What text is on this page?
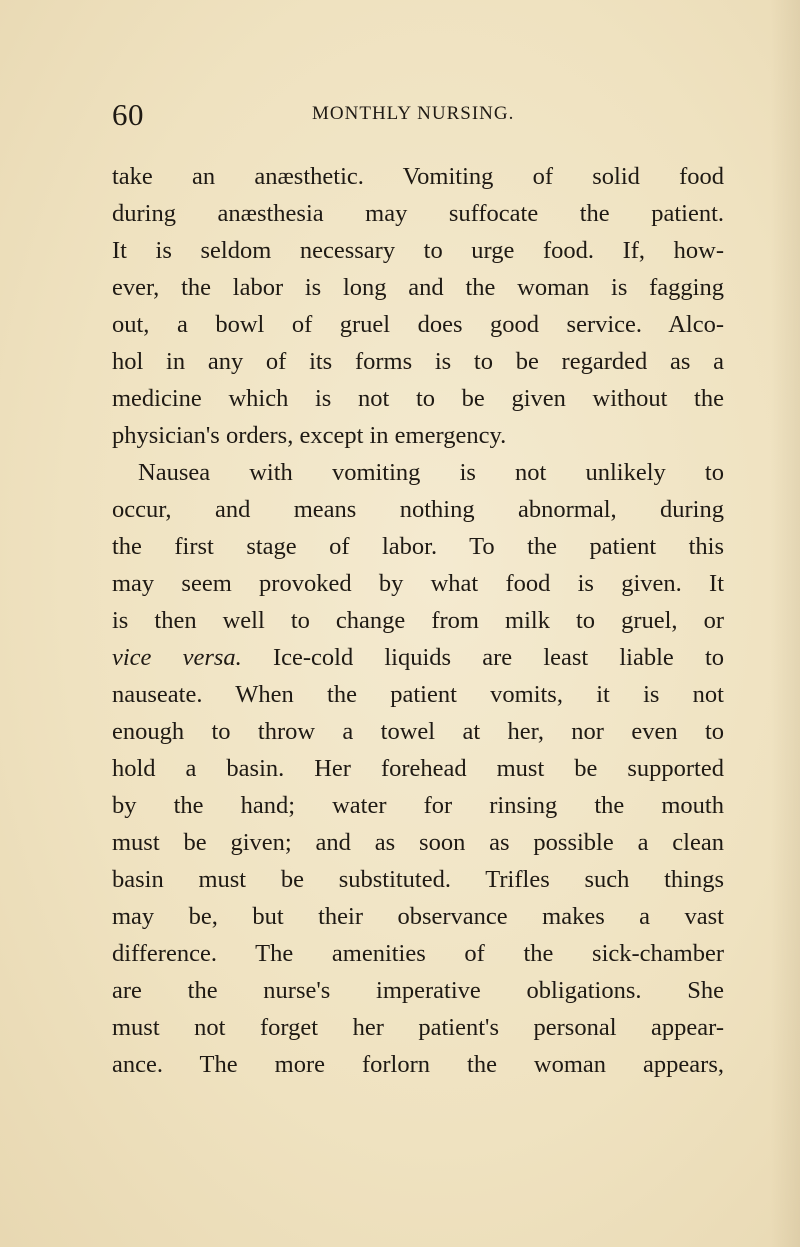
60	MONTHLY NURSING.
take an anæsthetic. Vomiting of solid food
during anæsthesia may suffocate the patient.
It is seldom necessary to urge food. If, how-
ever, the labor is long and the woman is fagging
out, a bowl of gruel does good service. Alco-
hol in any of its forms is to be regarded as a
medicine which is not to be given without the
physician's orders, except in emergency.
Nausea with vomiting is not unlikely to
occur, and means nothing abnormal, during
the first stage of labor. To the patient this
may seem provoked by what food is given. It
is then well to change from milk to gruel, or
vice versa. Ice-cold liquids are least liable to
nauseate. When the patient vomits, it is not
enough to throw a towel at her, nor even to
hold a basin. Her forehead must be supported
by the hand; water for rinsing the mouth
must be given; and as soon as possible a clean
basin must be substituted. Trifles such things
may be, but their observance makes a vast
difference. The amenities of the sick-chamber
are the nurse's imperative obligations. She
must not forget her patient's personal appear-
ance. The more forlorn the woman appears,
